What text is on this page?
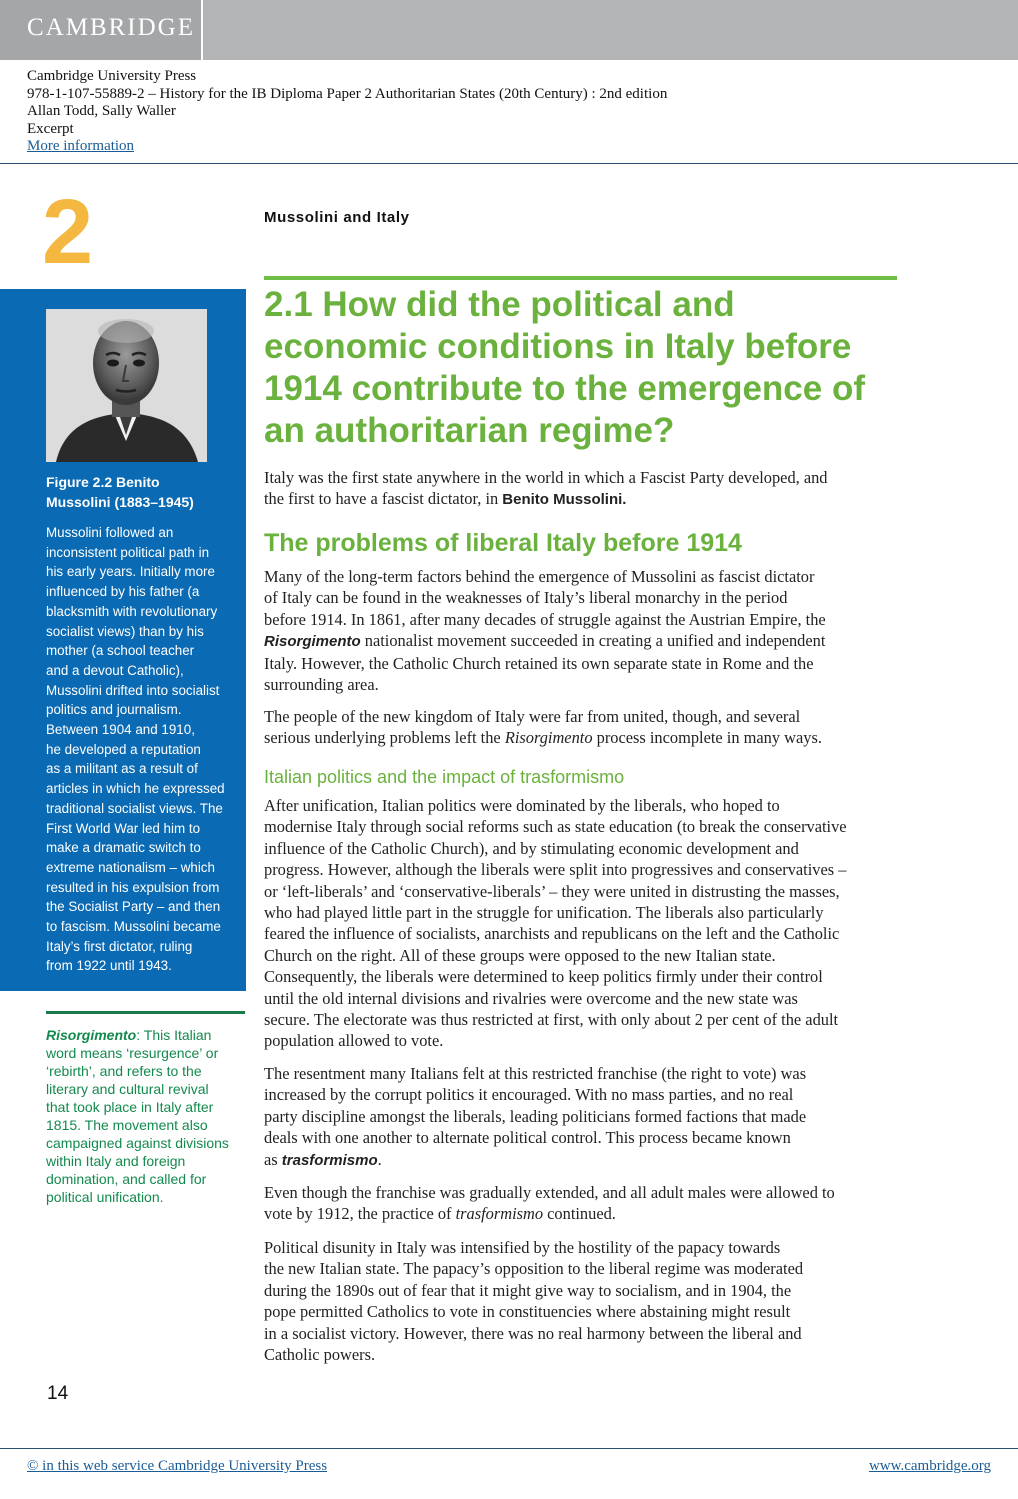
CAMBRIDGE
Cambridge University Press
978-1-107-55889-2 – History for the IB Diploma Paper 2 Authoritarian States (20th Century) : 2nd edition
Allan Todd, Sally Waller
Excerpt
More information
2	Mussolini and Italy
Figure 2.2 Benito
Mussolini (1883–1945)
Mussolini followed an
inconsistent political path in
his early years. Initially more
influenced by his father (a
blacksmith with revolutionary
socialist views) than by his
mother (a school teacher
and a devout Catholic),
Mussolini drifted into socialist
politics and journalism.
Between 1904 and 1910,
he developed a reputation
as a militant as a result of
articles in which he expressed
traditional socialist views. The
First World War led him to
make a dramatic switch to
extreme nationalism – which
resulted in his expulsion from
the Socialist Party – and then
to fascism. Mussolini became
Italy’s first dictator, ruling
from 1922 until 1943.
Risorgimento: This Italian
word means ‘resurgence’ or
‘rebirth’, and refers to the
literary and cultural revival
that took place in Italy after
1815. The movement also
campaigned against divisions
within Italy and foreign
domination, and called for
political unification.
2.1 How did the political and
economic conditions in Italy before
1914 contribute to the emergence of
an authoritarian regime?
Italy was the first state anywhere in the world in which a Fascist Party developed, and
the first to have a fascist dictator, in Benito Mussolini.
The problems of liberal Italy before 1914
Many of the long-term factors behind the emergence of Mussolini as fascist dictator
of Italy can be found in the weaknesses of Italy’s liberal monarchy in the period
before 1914. In 1861, after many decades of struggle against the Austrian Empire, the
Risorgimento nationalist movement succeeded in creating a unified and independent
Italy. However, the Catholic Church retained its own separate state in Rome and the
surrounding area.
The people of the new kingdom of Italy were far from united, though, and several
serious underlying problems left the Risorgimento process incomplete in many ways.
Italian politics and the impact of trasformismo
After unification, Italian politics were dominated by the liberals, who hoped to
modernise Italy through social reforms such as state education (to break the conservative
influence of the Catholic Church), and by stimulating economic development and
progress. However, although the liberals were split into progressives and conservatives –
or ‘left-liberals’ and ‘conservative-liberals’ – they were united in distrusting the masses,
who had played little part in the struggle for unification. The liberals also particularly
feared the influence of socialists, anarchists and republicans on the left and the Catholic
Church on the right. All of these groups were opposed to the new Italian state.
Consequently, the liberals were determined to keep politics firmly under their control
until the old internal divisions and rivalries were overcome and the new state was
secure. The electorate was thus restricted at first, with only about 2 per cent of the adult
population allowed to vote.
The resentment many Italians felt at this restricted franchise (the right to vote) was
increased by the corrupt politics it encouraged. With no mass parties, and no real
party discipline amongst the liberals, leading politicians formed factions that made
deals with one another to alternate political control. This process became known
as trasformismo.
Even though the franchise was gradually extended, and all adult males were allowed to
vote by 1912, the practice of trasformismo continued.
Political disunity in Italy was intensified by the hostility of the papacy towards
the new Italian state. The papacy’s opposition to the liberal regime was moderated
during the 1890s out of fear that it might give way to socialism, and in 1904, the
pope permitted Catholics to vote in constituencies where abstaining might result
in a socialist victory. However, there was no real harmony between the liberal and
Catholic powers.
14
© in this web service Cambridge University Press	www.cambridge.org
